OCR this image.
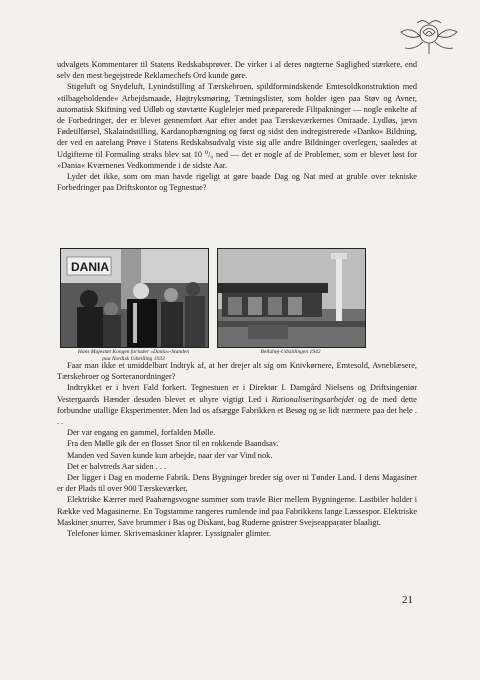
udvalgets Kommentarer til Statens Redskabsprøver. De virker i al deres nøgterne Saglighed stærkere, end selv den mest begejstrede Reklamechefs Ord kunde gøre.

Stigeluft og Snydeluft, Lynindstilling af Tærskebroen, spildformindskende Emtesoldkonstruktion med »tilbageholdende« Arbejdsmaade, Højtryksmøring, Tætningslister, som holder igen paa Støv og Avner, automatisk Skiftning ved Udløb og støvtætte Kuglelejer med præparerede Filtpakninger — nogle enkelte af de Forbedringer, der er blevet gennemført Aar efter andet paa Tærskeværkernes Omraade. Lydløs, jævn Fødetilførsel, Skalaindstilling, Kardanophængning og først og sidst den indregistrerede »Danko« Bildning, der ved en aarelang Prøve i Statens Redskabsudvalg viste sig alle andre Bildninger overlegen, saaledes at Udgifterne til Formaling straks blev sat 10 ⁰/₀ ned — det er nogle af de Problemer, som er blevet løst for »Dania« Kværnenes Vedkommende i de sidste Aar.

Lyder det ikke, som om man havde rigeligt at gøre baade Dag og Nat med at gruble over tekniske Forbedringer paa Driftskontor og Tegnestue?

DANIA
Hans Majestæt Kongen forlader »Dania«-Standen
paa Nordisk Udstilling 1933
Bellahøj-Udstillingen 1942

Faar man ikke et umiddelbart Indtryk af, at her drejer alt sig om Knivkørnere, Emtesold, Avneblæsere, Tærskebroer og Sorteranordninger?

Indtrykket er i hvert Fald forkert. Tegnestuen er i Direktør I. Damgård Nielsens og Driftsingeniør Vestergaards Hænder desuden blevet et uhyre vigtigt Led i Rationaliseringsarbejdet og de med dette forbundne utallige Eksperimenter. Men lad os afsægge Fabrikken et Besøg og se lidt nærmere paa det hele . . .

Der var engang en gammel, forfalden Mølle.

Fra den Mølle gik der en flosset Snor til en rokkende Baandsav.

Manden ved Saven kunde kun arbejde, naar der var Vind nok.

Det er halvtreds Aar siden . . .

Der ligger i Dag en moderne Fabrik. Dens Bygninger breder sig over ni Tønder Land. I dens Magasiner er der Plads til over 900 Tærskeværker.

Elektriske Kærrer med Paahængsvogne summer som travle Bier mellem Bygningerne. Lastbiler holder i Række ved Magasinerne. En Togstamme rangeres rumlende ind paa Fabrikkens lange Læssespor. Elektriske Maskiner snurrer, Save brummer i Bas og Diskant, bag Ruderne gnistrer Svejseapparater blaaligt.

Telefoner kimer. Skrivemaskiner klaprer. Lyssignaler glimter.

21
